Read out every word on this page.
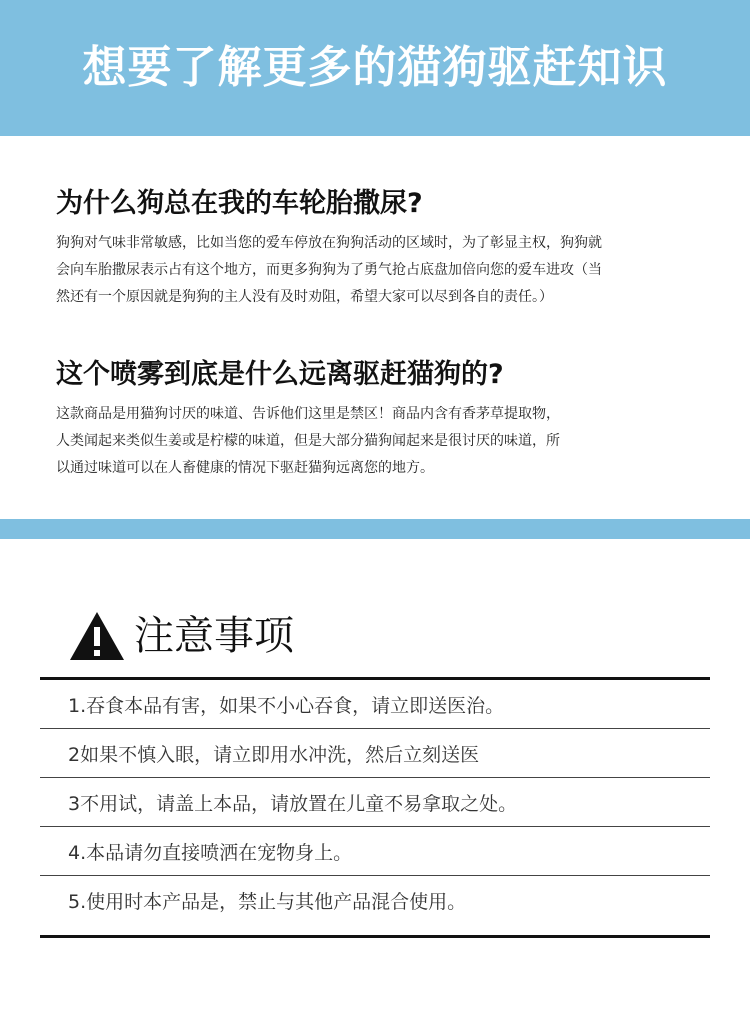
想要了解更多的猫狗驱赶知识
为什么狗总在我的车轮胎撒尿?
狗狗对气味非常敏感，比如当您的爱车停放在狗狗活动的区域时，为了彰显主权，狗狗就
会向车胎撒尿表示占有这个地方，而更多狗狗为了勇气抢占底盘加倍向您的爱车进攻（当
然还有一个原因就是狗狗的主人没有及时劝阻，希望大家可以尽到各自的责任。）
这个喷雾到底是什么远离驱赶猫狗的?
这款商品是用猫狗讨厌的味道、告诉他们这里是禁区！商品内含有香茅草提取物，
人类闻起来类似生姜或是柠檬的味道，但是大部分猫狗闻起来是很讨厌的味道，所
以通过味道可以在人畜健康的情况下驱赶猫狗远离您的地方。
注意事项
1.吞食本品有害，如果不小心吞食，请立即送医治。
2如果不慎入眼，请立即用水冲洗，然后立刻送医
3不用试，请盖上本品，请放置在儿童不易拿取之处。
4.本品请勿直接喷洒在宠物身上。
5.使用时本产品是，禁止与其他产品混合使用。
